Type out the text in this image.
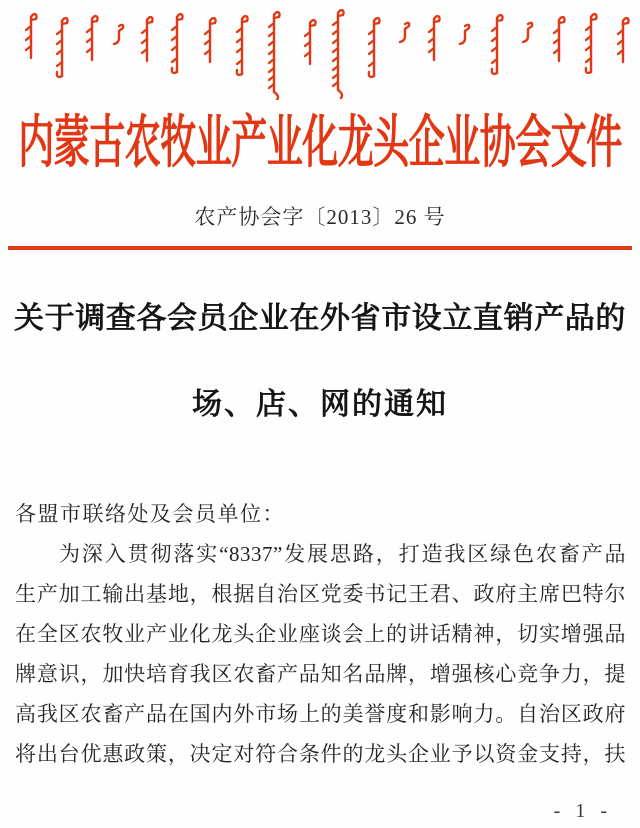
内蒙古农牧业产业化龙头企业协会文件
农产协会字〔2013〕26 号
关于调查各会员企业在外省市设立直销产品的
场、店、网的通知
各盟市联络处及会员单位：
为深入贯彻落实“8337”发展思路，打造我区绿色农畜产品
生产加工输出基地，根据自治区党委书记王君、政府主席巴特尔
在全区农牧业产业化龙头企业座谈会上的讲话精神，切实增强品
牌意识，加快培育我区农畜产品知名品牌，增强核心竞争力，提
高我区农畜产品在国内外市场上的美誉度和影响力。自治区政府
将出台优惠政策，决定对符合条件的龙头企业予以资金支持，扶
- 1 -
